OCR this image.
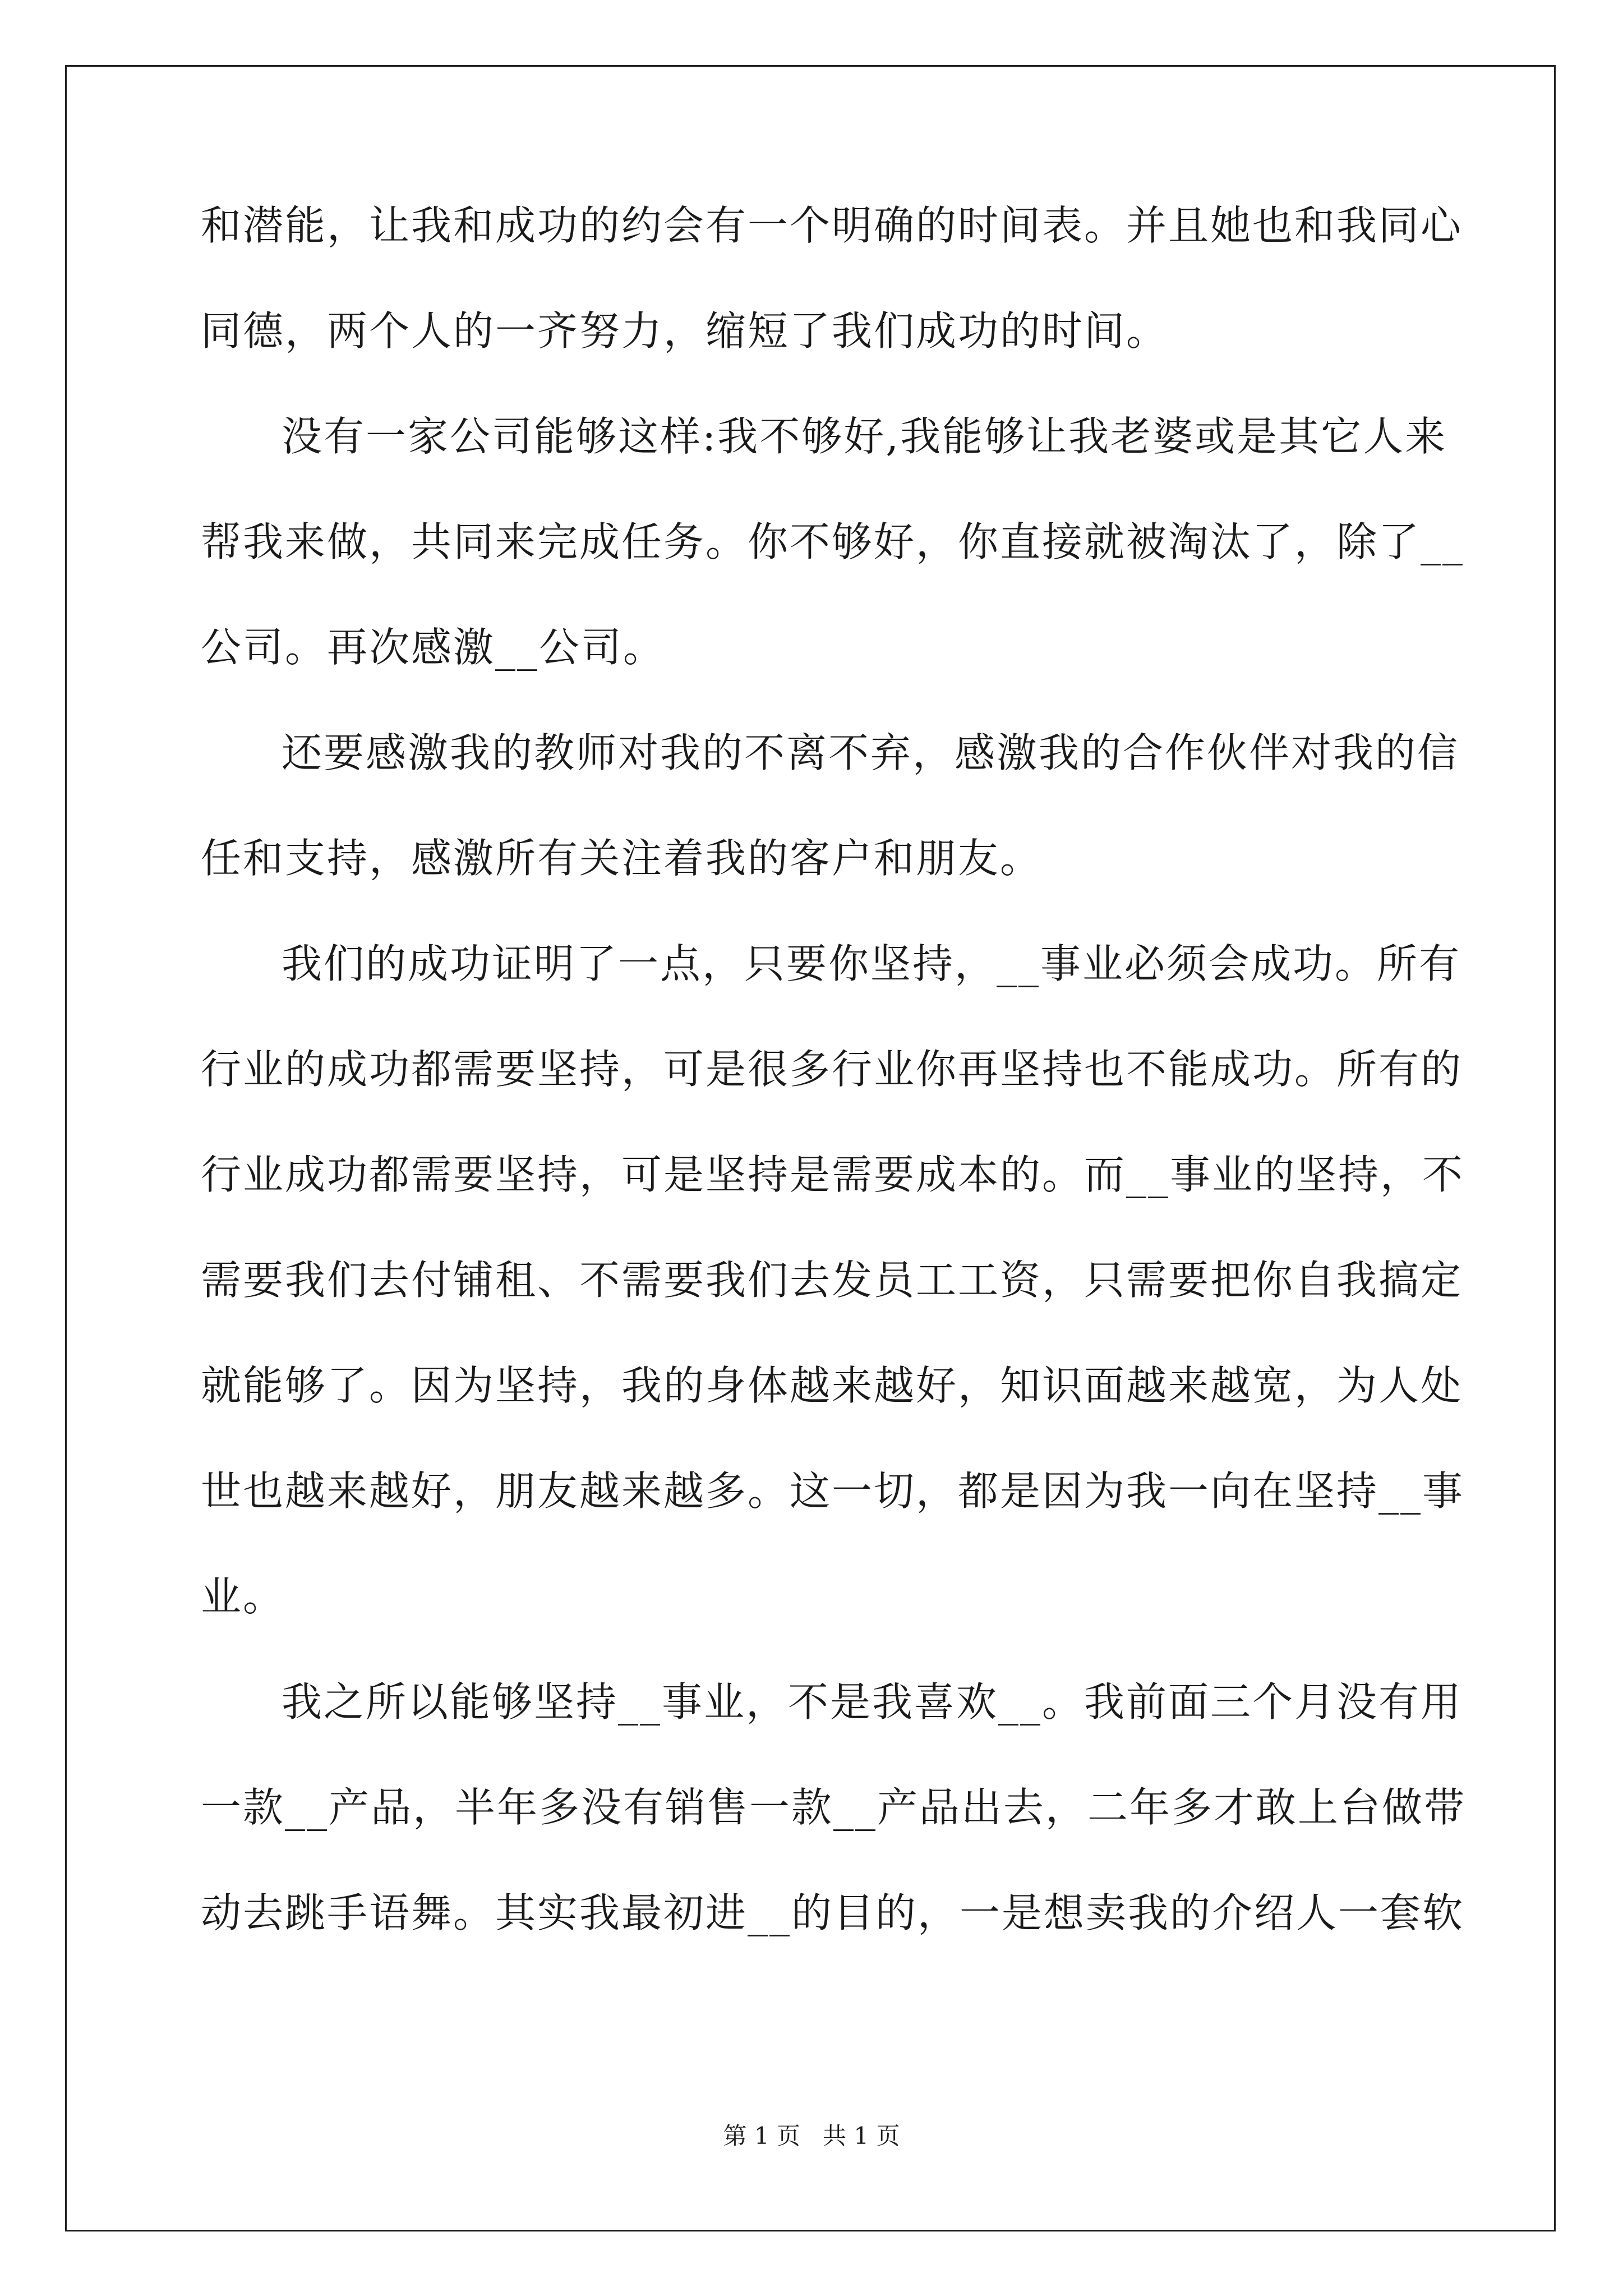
和潜能，让我和成功的约会有一个明确的时间表。并且她也和我同心
同德，两个人的一齐努力，缩短了我们成功的时间。
没有一家公司能够这样:我不够好,我能够让我老婆或是其它人来
帮我来做，共同来完成任务。你不够好，你直接就被淘汰了，除了__
公司。再次感激__公司。
还要感激我的教师对我的不离不弃，感激我的合作伙伴对我的信
任和支持，感激所有关注着我的客户和朋友。
我们的成功证明了一点，只要你坚持，__事业必须会成功。所有
行业的成功都需要坚持，可是很多行业你再坚持也不能成功。所有的
行业成功都需要坚持，可是坚持是需要成本的。而__事业的坚持，不
需要我们去付铺租、不需要我们去发员工工资，只需要把你自我搞定
就能够了。因为坚持，我的身体越来越好，知识面越来越宽，为人处
世也越来越好，朋友越来越多。这一切，都是因为我一向在坚持__事
业。
我之所以能够坚持__事业，不是我喜欢__。我前面三个月没有用
一款__产品，半年多没有销售一款__产品出去，二年多才敢上台做带
动去跳手语舞。其实我最初进__的目的，一是想卖我的介绍人一套软
第 1 页 共 1 页
